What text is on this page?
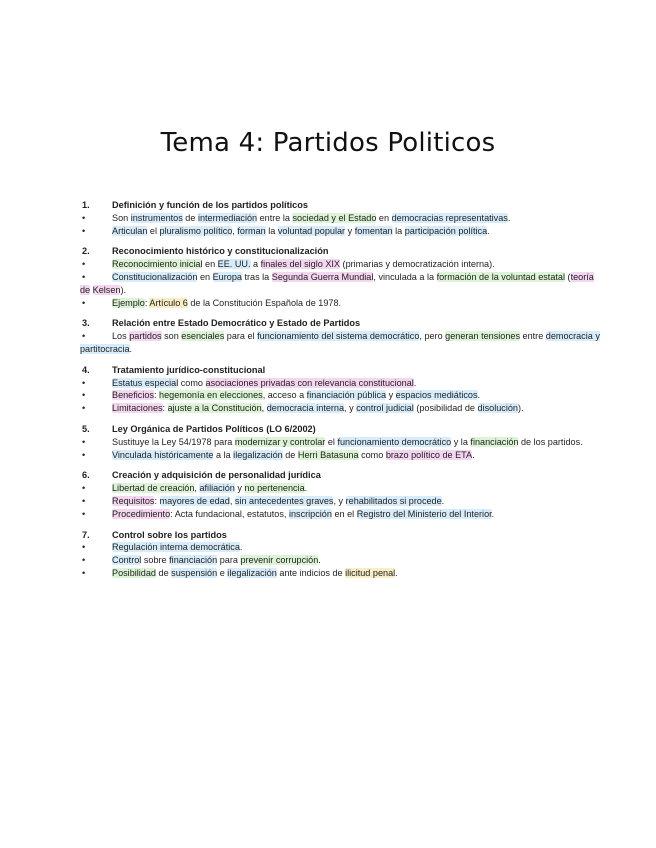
Tema 4: Partidos Politicos
1.	Definición y función de los partidos políticos
•	Son instrumentos de intermediación entre la sociedad y el Estado en democracias representativas.
•	Articulan el pluralismo político, forman la voluntad popular y fomentan la participación política.
2.	Reconocimiento histórico y constitucionalización
•	Reconocimiento inicial en EE. UU. a finales del siglo XIX (primarias y democratización interna).
•	Constitucionalización en Europa tras la Segunda Guerra Mundial, vinculada a la formación de la voluntad estatal (teoría de Kelsen).
•	Ejemplo: Artículo 6 de la Constitución Española de 1978.
3.	Relación entre Estado Democrático y Estado de Partidos
•	Los partidos son esenciales para el funcionamiento del sistema democrático, pero generan tensiones entre democracia y partitocracia.
4.	Tratamiento jurídico-constitucional
•	Estatus especial como asociaciones privadas con relevancia constitucional.
•	Beneficios: hegemonía en elecciones, acceso a financiación pública y espacios mediáticos.
•	Limitaciones: ajuste a la Constitución, democracia interna, y control judicial (posibilidad de disolución).
5.	Ley Orgánica de Partidos Políticos (LO 6/2002)
•	Sustituye la Ley 54/1978 para modernizar y controlar el funcionamiento democrático y la financiación de los partidos.
•	Vinculada históricamente a la ilegalización de Herri Batasuna como brazo político de ETA.
6.	Creación y adquisición de personalidad jurídica
•	Libertad de creación, afiliación y no pertenencia.
•	Requisitos: mayores de edad, sin antecedentes graves, y rehabilitados si procede.
•	Procedimiento: Acta fundacional, estatutos, inscripción en el Registro del Ministerio del Interior.
7.	Control sobre los partidos
•	Regulación interna democrática.
•	Control sobre financiación para prevenir corrupción.
•	Posibilidad de suspensión e ilegalización ante indicios de ilicitud penal.
